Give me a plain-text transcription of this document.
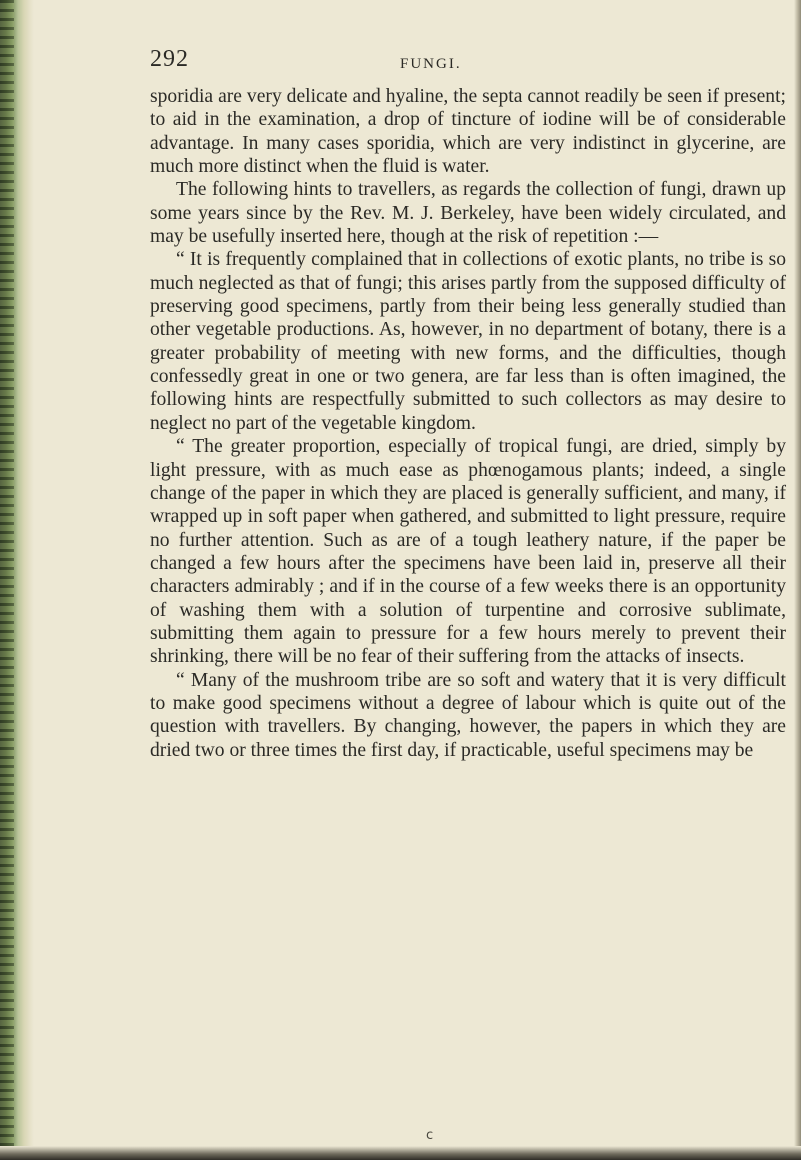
292	FUNGI.

sporidia are very delicate and hyaline, the septa cannot readily be seen if present; to aid in the examination, a drop of tincture of iodine will be of considerable advantage. In many cases sporidia, which are very indistinct in glycerine, are much more distinct when the fluid is water.

The following hints to travellers, as regards the collection of fungi, drawn up some years since by the Rev. M. J. Berkeley, have been widely circulated, and may be usefully inserted here, though at the risk of repetition :—

“ It is frequently complained that in collections of exotic plants, no tribe is so much neglected as that of fungi; this arises partly from the supposed difficulty of preserving good specimens, partly from their being less generally studied than other vegetable productions. As, however, in no department of botany, there is a greater probability of meeting with new forms, and the difficulties, though confessedly great in one or two genera, are far less than is often imagined, the following hints are respectfully submitted to such collectors as may desire to neglect no part of the vegetable kingdom.

“ The greater proportion, especially of tropical fungi, are dried, simply by light pressure, with as much ease as phœnogamous plants; indeed, a single change of the paper in which they are placed is generally sufficient, and many, if wrapped up in soft paper when gathered, and submitted to light pressure, require no further attention. Such as are of a tough leathery nature, if the paper be changed a few hours after the specimens have been laid in, preserve all their characters admirably ; and if in the course of a few weeks there is an opportunity of washing them with a solution of turpentine and corrosive sublimate, submitting them again to pressure for a few hours merely to prevent their shrinking, there will be no fear of their suffering from the attacks of insects.

“ Many of the mushroom tribe are so soft and watery that it is very difficult to make good specimens without a degree of labour which is quite out of the question with travellers. By changing, however, the papers in which they are dried two or three times the first day, if practicable, useful specimens may be

c
